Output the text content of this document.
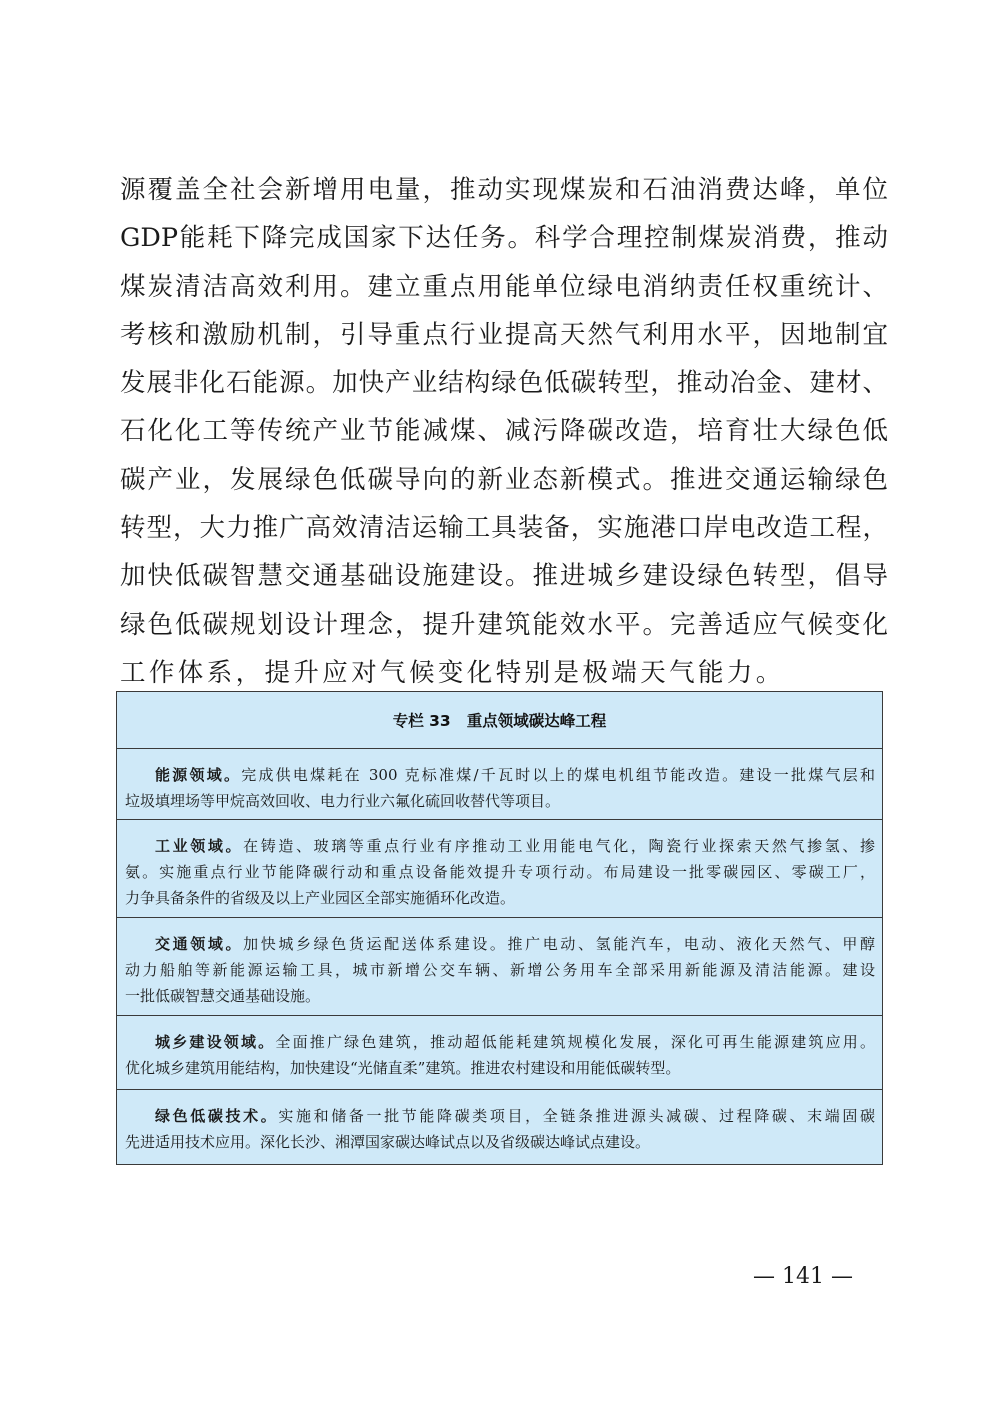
源覆盖全社会新增用电量，推动实现煤炭和石油消费达峰，单位
GDP能耗下降完成国家下达任务。科学合理控制煤炭消费，推动
煤炭清洁高效利用。建立重点用能单位绿电消纳责任权重统计、
考核和激励机制，引导重点行业提高天然气利用水平，因地制宜
发展非化石能源。加快产业结构绿色低碳转型，推动冶金、建材、
石化化工等传统产业节能减煤、减污降碳改造，培育壮大绿色低
碳产业，发展绿色低碳导向的新业态新模式。推进交通运输绿色
转型，大力推广高效清洁运输工具装备，实施港口岸电改造工程，
加快低碳智慧交通基础设施建设。推进城乡建设绿色转型，倡导
绿色低碳规划设计理念，提升建筑能效水平。完善适应气候变化
工作体系，提升应对气候变化特别是极端天气能力。
专栏 33 重点领域碳达峰工程
能源领域。完成供电煤耗在 300 克标准煤/千瓦时以上的煤电机组节能改造。建设一批煤气层和
垃圾填埋场等甲烷高效回收、电力行业六氟化硫回收替代等项目。
工业领域。在铸造、玻璃等重点行业有序推动工业用能电气化，陶瓷行业探索天然气掺氢、掺
氨。实施重点行业节能降碳行动和重点设备能效提升专项行动。布局建设一批零碳园区、零碳工厂，
力争具备条件的省级及以上产业园区全部实施循环化改造。
交通领域。加快城乡绿色货运配送体系建设。推广电动、氢能汽车，电动、液化天然气、甲醇
动力船舶等新能源运输工具，城市新增公交车辆、新增公务用车全部采用新能源及清洁能源。建设
一批低碳智慧交通基础设施。
城乡建设领域。全面推广绿色建筑，推动超低能耗建筑规模化发展，深化可再生能源建筑应用。
优化城乡建筑用能结构，加快建设“光储直柔”建筑。推进农村建设和用能低碳转型。
绿色低碳技术。实施和储备一批节能降碳类项目，全链条推进源头减碳、过程降碳、末端固碳
先进适用技术应用。深化长沙、湘潭国家碳达峰试点以及省级碳达峰试点建设。
— 141 —
